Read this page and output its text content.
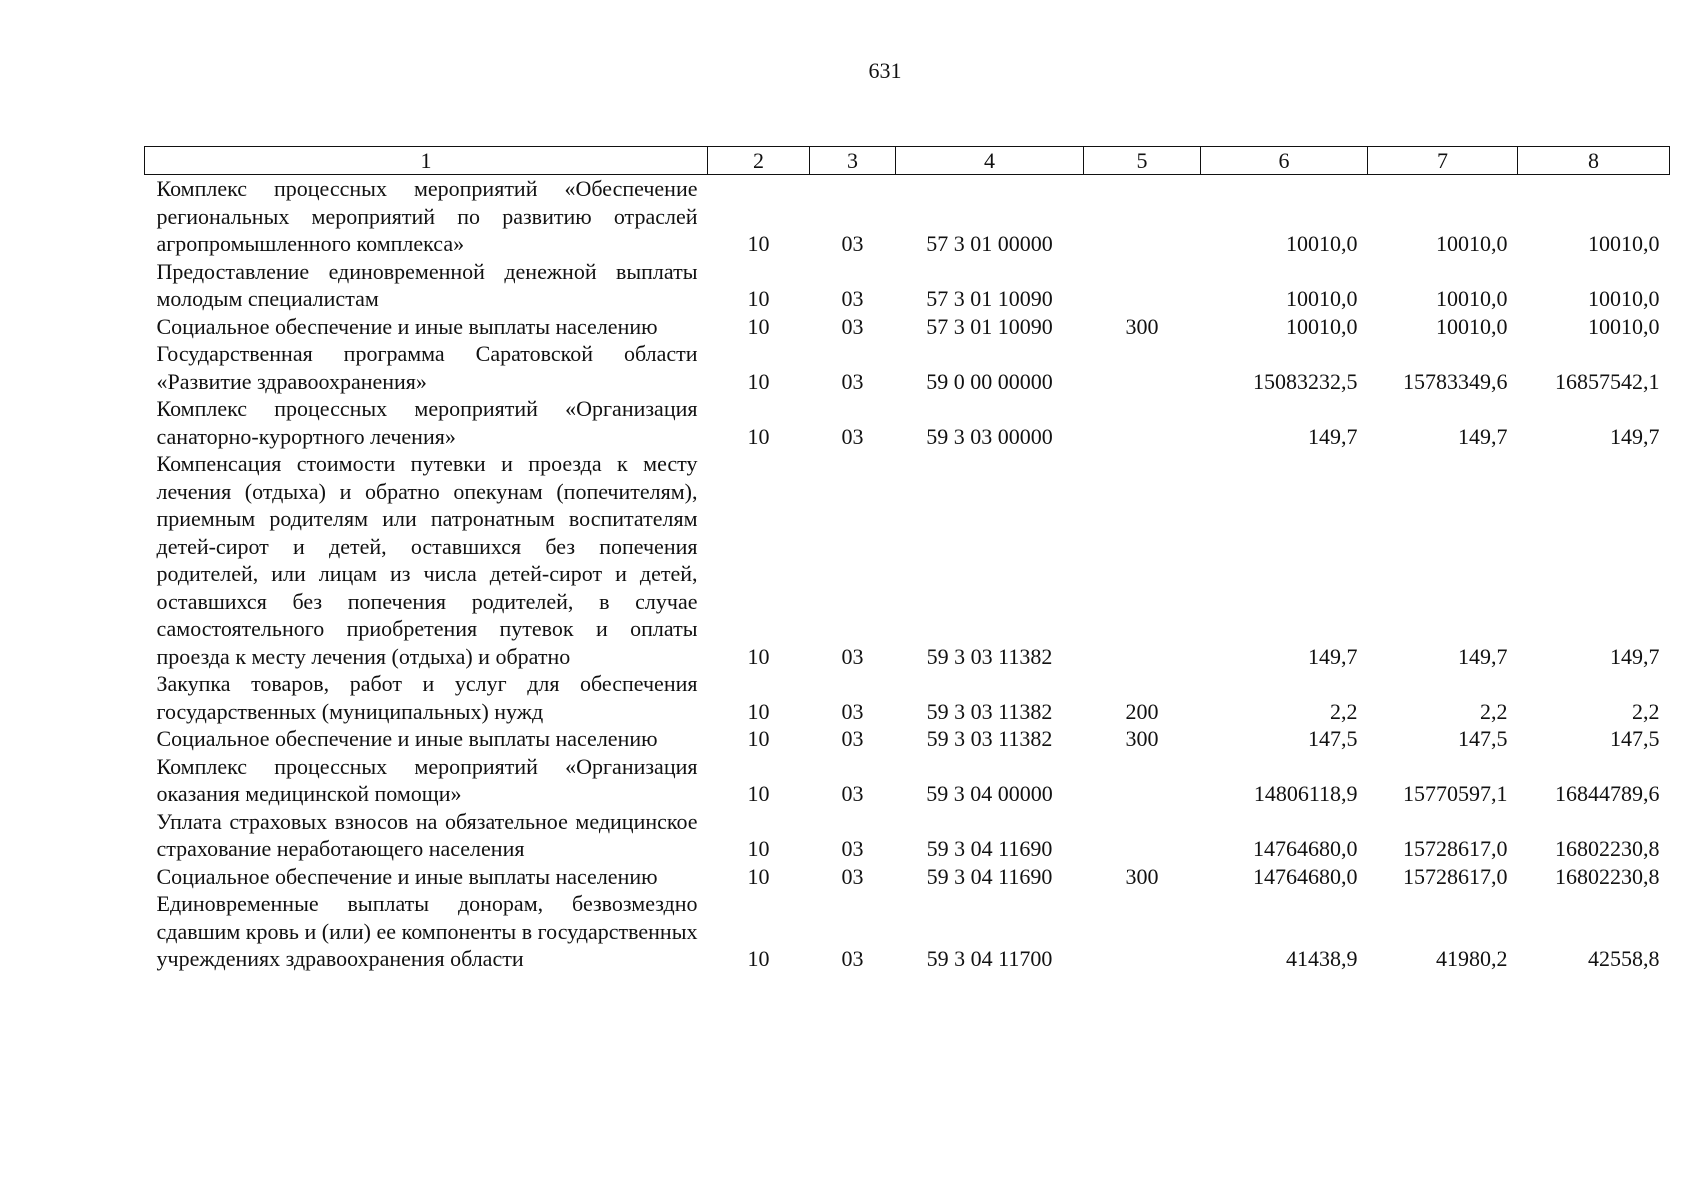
631
1	2	3	4	5	6	7	8
Комплекс процессных мероприятий «Обеспечение региональных мероприятий по развитию отраслей агропромышленного комплекса»	10	03	57 3 01 00000		10010,0	10010,0	10010,0
Предоставление единовременной денежной выплаты молодым специалистам	10	03	57 3 01 10090		10010,0	10010,0	10010,0
Социальное обеспечение и иные выплаты населению	10	03	57 3 01 10090	300	10010,0	10010,0	10010,0
Государственная программа Саратовской области «Развитие здравоохранения»	10	03	59 0 00 00000		15083232,5	15783349,6	16857542,1
Комплекс процессных мероприятий «Организация санаторно-курортного лечения»	10	03	59 3 03 00000		149,7	149,7	149,7
Компенсация стоимости путевки и проезда к месту лечения (отдыха) и обратно опекунам (попечителям), приемным родителям или патронатным воспитателям детей-сирот и детей, оставшихся без попечения родителей, или лицам из числа детей-сирот и детей, оставшихся без попечения родителей, в случае самостоятельного приобретения путевок и оплаты проезда к месту лечения (отдыха) и обратно	10	03	59 3 03 11382		149,7	149,7	149,7
Закупка товаров, работ и услуг для обеспечения государственных (муниципальных) нужд	10	03	59 3 03 11382	200	2,2	2,2	2,2
Социальное обеспечение и иные выплаты населению	10	03	59 3 03 11382	300	147,5	147,5	147,5
Комплекс процессных мероприятий «Организация оказания медицинской помощи»	10	03	59 3 04 00000		14806118,9	15770597,1	16844789,6
Уплата страховых взносов на обязательное медицинское страхование неработающего населения	10	03	59 3 04 11690		14764680,0	15728617,0	16802230,8
Социальное обеспечение и иные выплаты населению	10	03	59 3 04 11690	300	14764680,0	15728617,0	16802230,8
Единовременные выплаты донорам, безвозмездно сдавшим кровь и (или) ее компоненты в государственных учреждениях здравоохранения области	10	03	59 3 04 11700		41438,9	41980,2	42558,8
